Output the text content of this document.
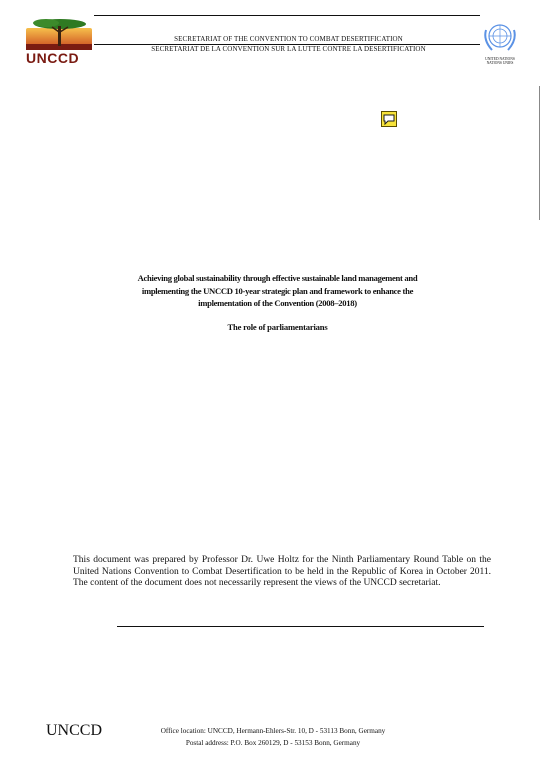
UNCCD
SECRETARIAT OF THE CONVENTION TO COMBAT DESERTIFICATION
SECRETARIAT DE LA CONVENTION SUR LA LUTTE CONTRE LA DESERTIFICATION
UNITED NATIONS
NATIONS UNIES
Achieving global sustainability through effective sustainable land management and
implementing the UNCCD 10-year strategic plan and framework to enhance the
implementation of the Convention (2008–2018)
The role of parliamentarians
This document was prepared by Professor Dr. Uwe Holtz for the Ninth Parliamentary Round Table on the United Nations Convention to Combat Desertification to be held in the Republic of Korea in October 2011. The content of the document does not necessarily represent the views of the UNCCD secretariat.
UNCCD	Office location: UNCCD, Hermann-Ehlers-Str. 10, D - 53113 Bonn, Germany
Postal address: P.O. Box 260129, D - 53153 Bonn, Germany
